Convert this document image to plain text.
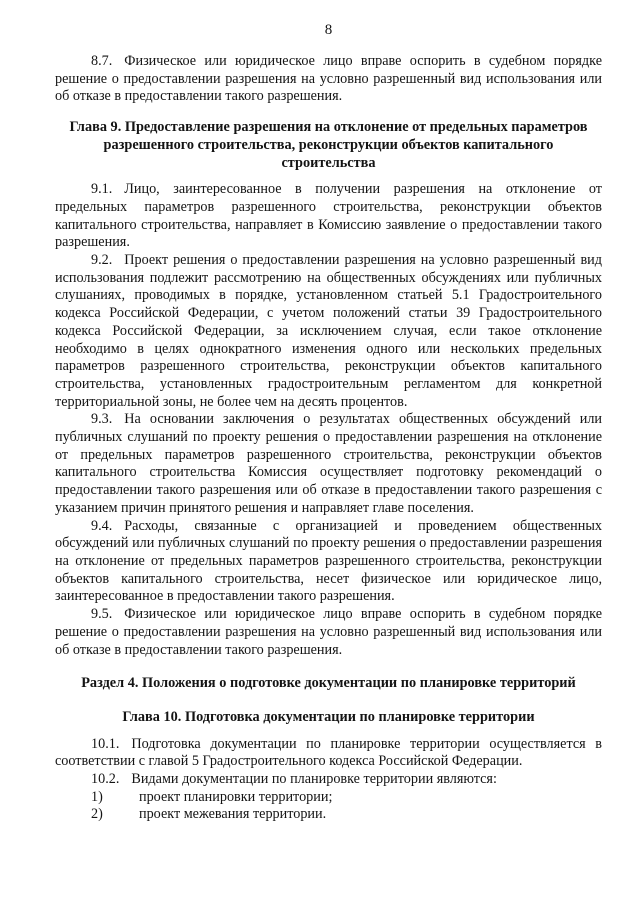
8

8.7. Физическое или юридическое лицо вправе оспорить в судебном порядке решение о предоставлении разрешения на условно разрешенный вид использования или об отказе в предоставлении такого разрешения.

Глава 9. Предоставление разрешения на отклонение от предельных параметров разрешенного строительства, реконструкции объектов капитального строительства

9.1. Лицо, заинтересованное в получении разрешения на отклонение от предельных параметров разрешенного строительства, реконструкции объектов капитального строительства, направляет в Комиссию заявление о предоставлении такого разрешения.

9.2. Проект решения о предоставлении разрешения на условно разрешенный вид использования подлежит рассмотрению на общественных обсуждениях или публичных слушаниях, проводимых в порядке, установленном статьей 5.1 Градостроительного кодекса Российской Федерации, с учетом положений статьи 39 Градостроительного кодекса Российской Федерации, за исключением случая, если такое отклонение необходимо в целях однократного изменения одного или нескольких предельных параметров разрешенного строительства, реконструкции объектов капитального строительства, установленных градостроительным регламентом для конкретной территориальной зоны, не более чем на десять процентов.

9.3. На основании заключения о результатах общественных обсуждений или публичных слушаний по проекту решения о предоставлении разрешения на отклонение от предельных параметров разрешенного строительства, реконструкции объектов капитального строительства Комиссия осуществляет подготовку рекомендаций о предоставлении такого разрешения или об отказе в предоставлении такого разрешения с указанием причин принятого решения и направляет главе поселения.

9.4. Расходы, связанные с организацией и проведением общественных обсуждений или публичных слушаний по проекту решения о предоставлении разрешения на отклонение от предельных параметров разрешенного строительства, реконструкции объектов капитального строительства, несет физическое или юридическое лицо, заинтересованное в предоставлении такого разрешения.

9.5. Физическое или юридическое лицо вправе оспорить в судебном порядке решение о предоставлении разрешения на условно разрешенный вид использования или об отказе в предоставлении такого разрешения.

Раздел 4. Положения о подготовке документации по планировке территорий

Глава 10. Подготовка документации по планировке территории

10.1. Подготовка документации по планировке территории осуществляется в соответствии с главой 5 Градостроительного кодекса Российской Федерации.

10.2. Видами документации по планировке территории являются:

1)	проект планировки территории;
2)	проект межевания территории.
